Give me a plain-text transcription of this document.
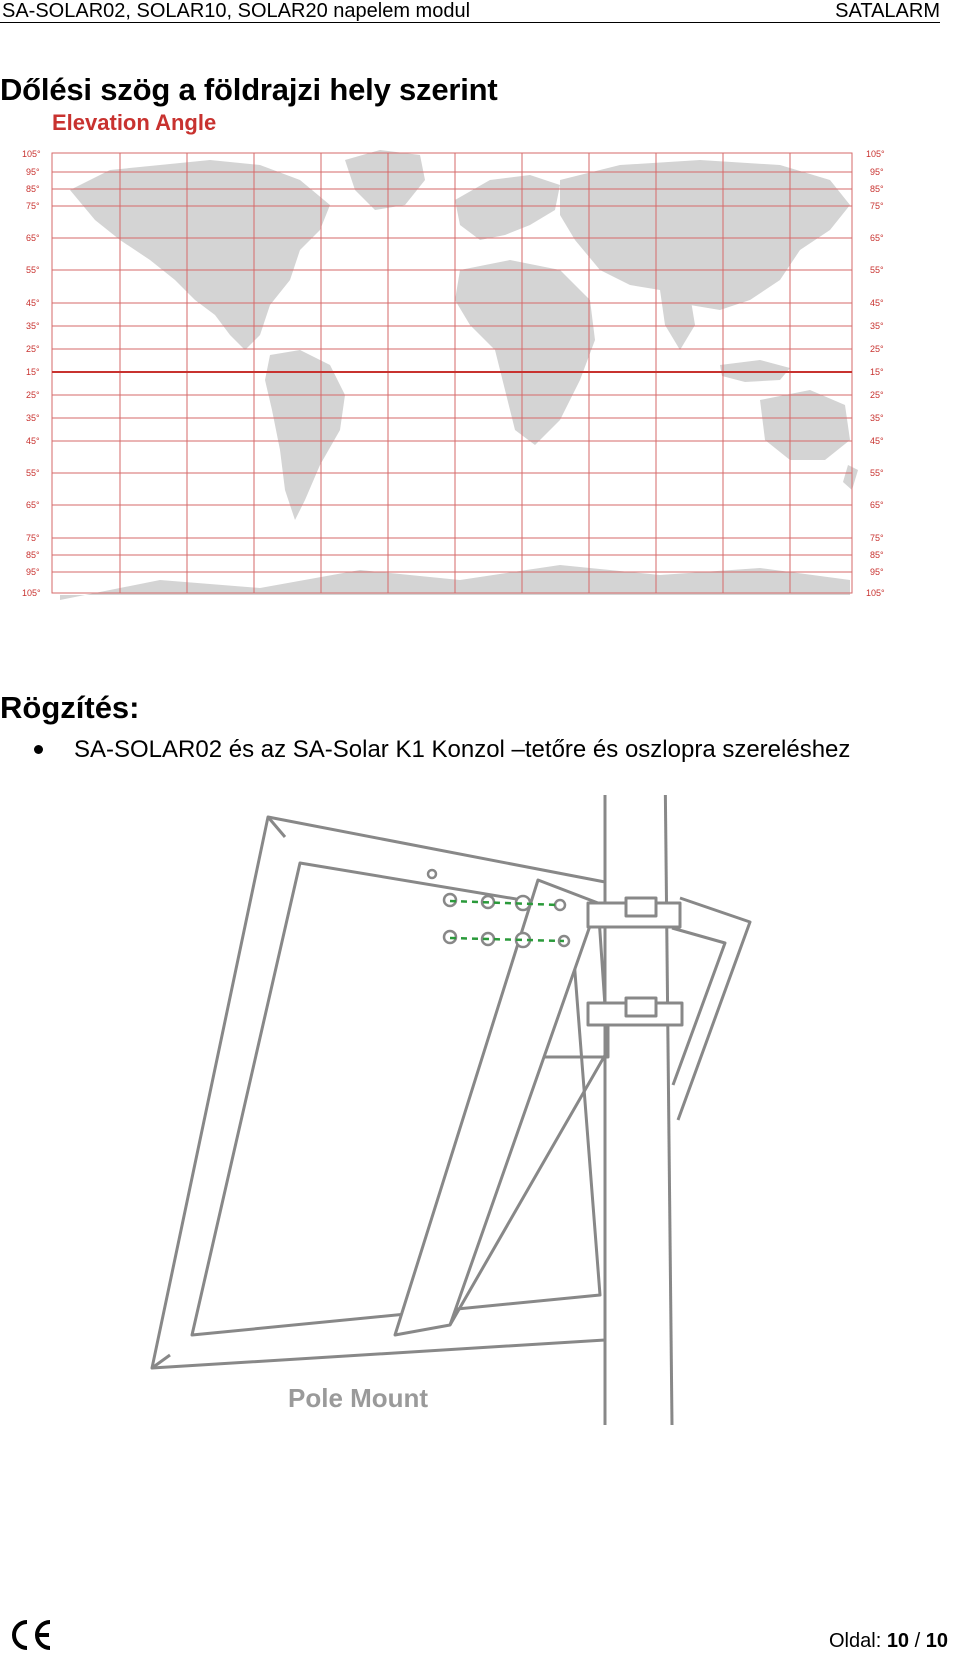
SA-SOLAR02, SOLAR10, SOLAR20 napelem modul	SATALARM
Dőlési szög a földrajzi hely szerint
Elevation Angle
105°
95°
85°
75°
65°
55°
45°
35°
25°
15°
25°
35°
45°
55°
65°
75°
85°
95°
105°
105°
95°
85°
75°
65°
55°
45°
35°
25°
15°
25°
35°
45°
55°
65°
75°
85°
95°
105°
Rögzítés:
SA-SOLAR02 és az SA-Solar K1 Konzol –tetőre és oszlopra szereléshez
Pole Mount
Oldal: 10 / 10
